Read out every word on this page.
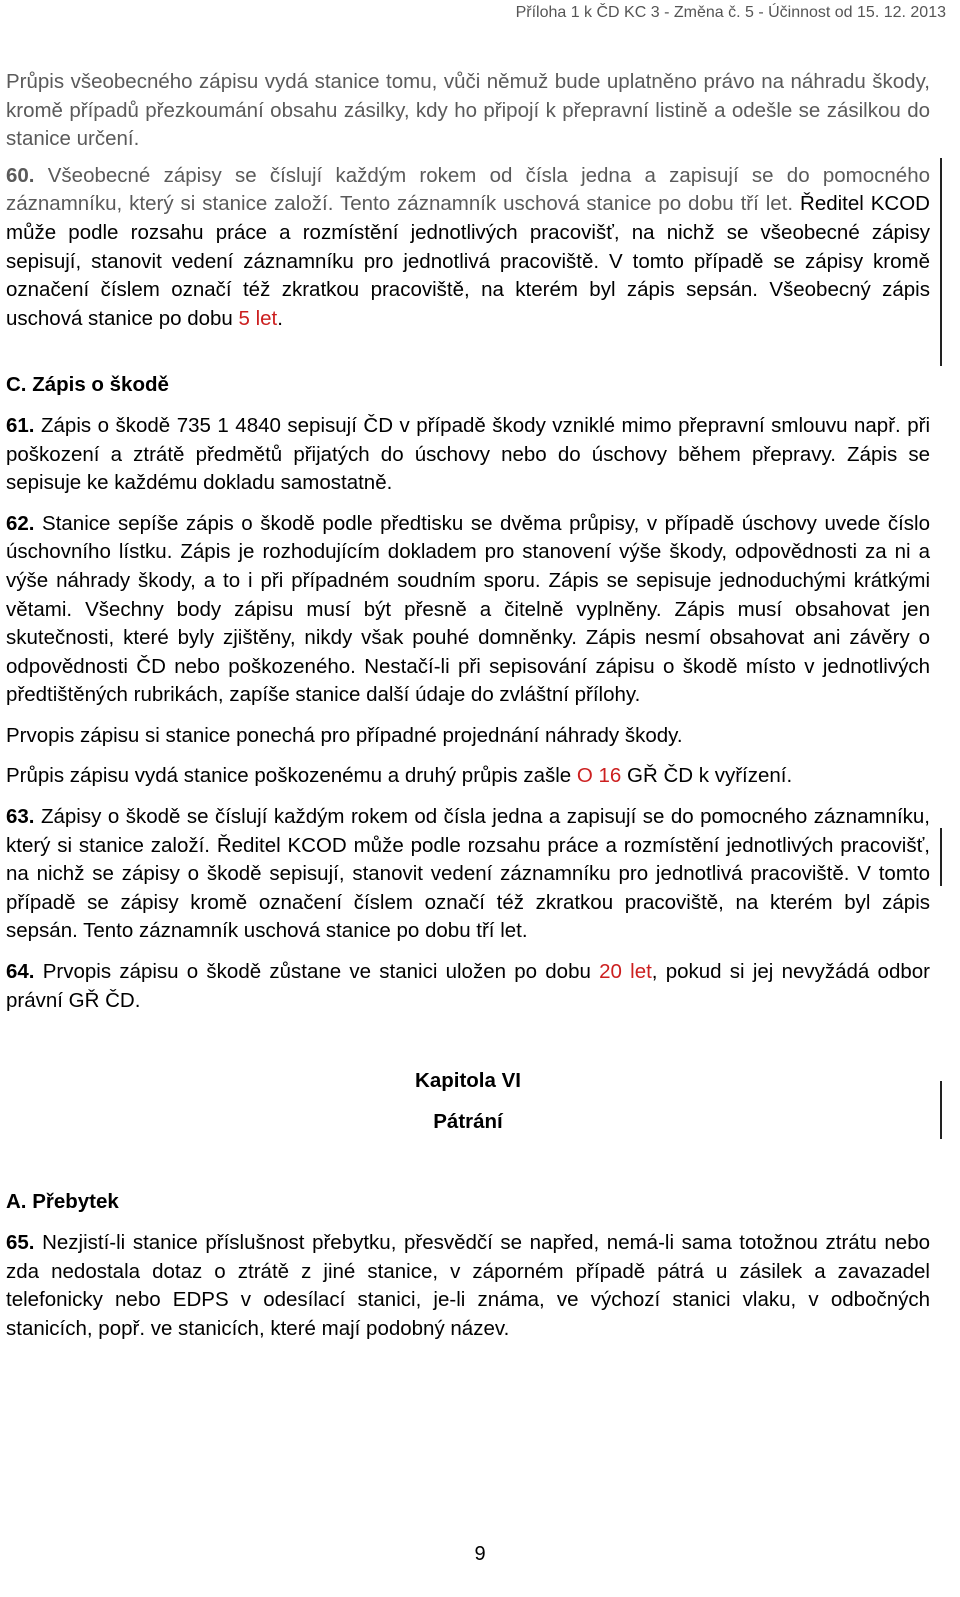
Příloha 1 k ČD KC 3 - Změna č. 5 - Účinnost od 15. 12. 2013

Průpis všeobecného zápisu vydá stanice tomu, vůči němuž bude uplatněno právo na náhradu škody, kromě případů přezkoumání obsahu zásilky, kdy ho připojí k přepravní listině a odešle se zásilkou do stanice určení.

60. Všeobecné zápisy se číslují každým rokem od čísla jedna a zapisují se do pomocného záznamníku, který si stanice založí. Tento záznamník uschová stanice po dobu tří let. Ředitel KCOD může podle rozsahu práce a rozmístění jednotlivých pracovišť, na nichž se všeobecné zápisy sepisují, stanovit vedení záznamníku pro jednotlivá pracoviště. V tomto případě se zápisy kromě označení číslem označí též zkratkou pracoviště, na kterém byl zápis sepsán. Všeobecný zápis uschová stanice po dobu 5 let.

C. Zápis o škodě

61. Zápis o škodě 735 1 4840 sepisují ČD v případě škody vzniklé mimo přepravní smlouvu např. při poškození a ztrátě předmětů přijatých do úschovy nebo do úschovy během přepravy. Zápis se sepisuje ke každému dokladu samostatně.

62. Stanice sepíše zápis o škodě podle předtisku se dvěma průpisy, v případě úschovy uvede číslo úschovního lístku. Zápis je rozhodujícím dokladem pro stanovení výše škody, odpovědnosti za ni a výše náhrady škody, a to i při případném soudním sporu. Zápis se sepisuje jednoduchými krátkými větami. Všechny body zápisu musí být přesně a čitelně vyplněny. Zápis musí obsahovat jen skutečnosti, které byly zjištěny, nikdy však pouhé domněnky. Zápis nesmí obsahovat ani závěry o odpovědnosti ČD nebo poškozeného. Nestačí-li při sepisování zápisu o škodě místo v jednotlivých předtištěných rubrikách, zapíše stanice další údaje do zvláštní přílohy.

Prvopis zápisu si stanice ponechá pro případné projednání náhrady škody.

Průpis zápisu vydá stanice poškozenému a druhý průpis zašle O 16 GŘ ČD k vyřízení.

63. Zápisy o škodě se číslují každým rokem od čísla jedna a zapisují se do pomocného záznamníku, který si stanice založí. Ředitel KCOD může podle rozsahu práce a rozmístění jednotlivých pracovišť, na nichž se zápisy o škodě sepisují, stanovit vedení záznamníku pro jednotlivá pracoviště. V tomto případě se zápisy kromě označení číslem označí též zkratkou pracoviště, na kterém byl zápis sepsán. Tento záznamník uschová stanice po dobu tří let.

64. Prvopis zápisu o škodě zůstane ve stanici uložen po dobu 20 let, pokud si jej nevyžádá odbor právní GŘ ČD.

Kapitola VI

Pátrání

A. Přebytek

65. Nezjistí-li stanice příslušnost přebytku, přesvědčí se napřed, nemá-li sama totožnou ztrátu nebo zda nedostala dotaz o ztrátě z jiné stanice, v záporném případě pátrá u zásilek a zavazadel telefonicky nebo EDPS v odesílací stanici, je-li známa, ve výchozí stanici vlaku, v odbočných stanicích, popř. ve stanicích, které mají podobný název.

9
